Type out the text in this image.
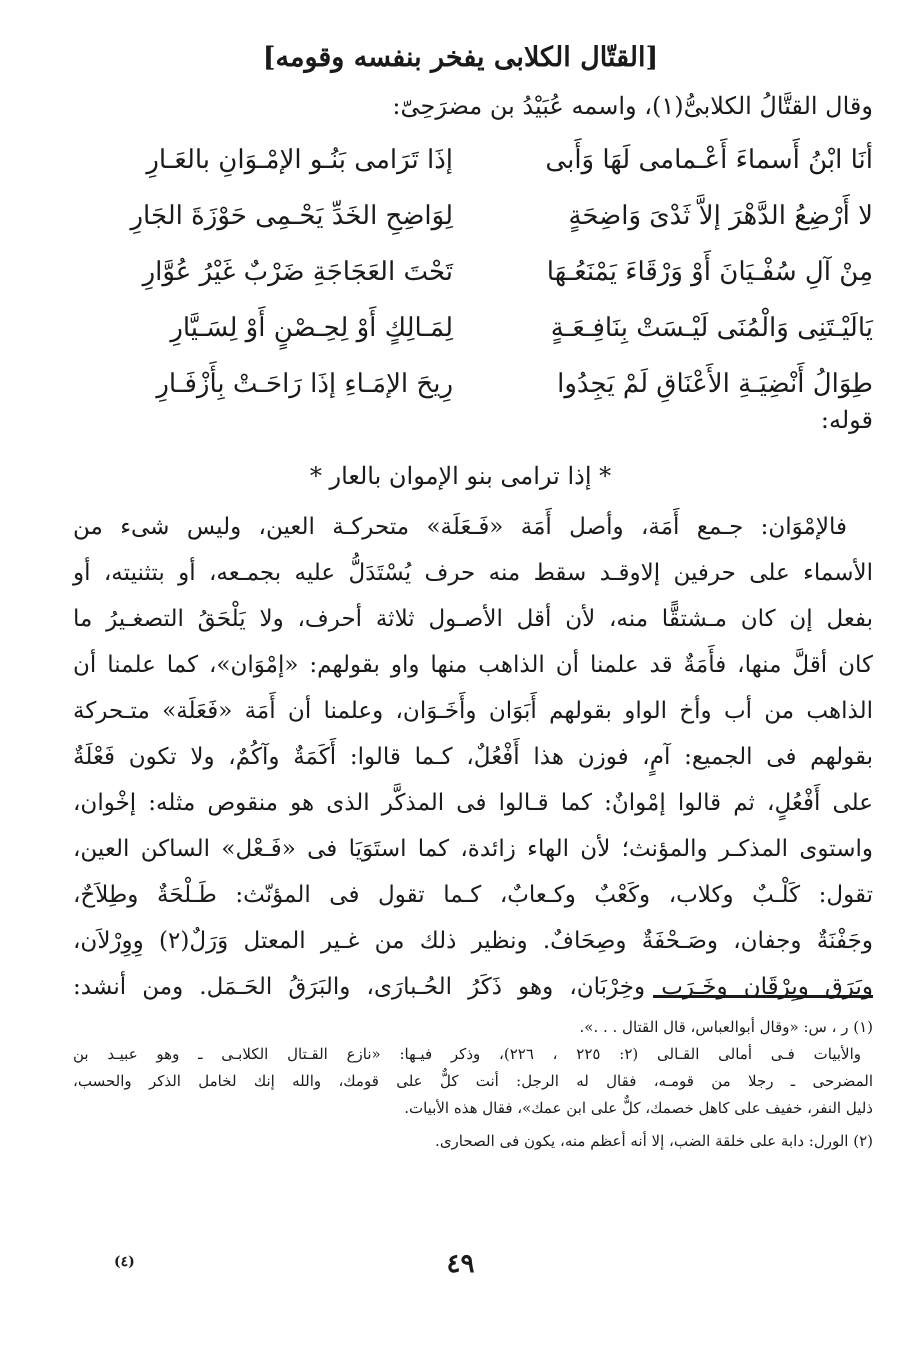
[القتّال الكلابى يفخر بنفسه وقومه]
وقال القتَّالُ الكلابىُّ(١)، واسمه عُبَيْدُ بن مضرَحِىّ:
أنَا ابْنُ أَسماءَ أَعْـمامى لَهَا وَأَبى
إذَا تَرَامى بَنُـو الإمْـوَانِ بالعَـارِ
لا أَرْضِعُ الدَّهْرَ إلاَّ ثَدْىَ وَاضِحَةٍ
لِوَاضِحِ الخَدِّ يَحْـمِى حَوْزَةَ الجَارِ
مِنْ آلِ سُفْـيَانَ أَوْ وَرْقَاءَ يَمْنَعُـهَا
تَحْتَ العَجَاجَةِ ضَرْبٌ غَيْرُ عُوَّارِ
يَالَيْـتَنِى وَالْمُنَى لَيْـسَتْ بِنَافِـعَـةٍ
لِمَـالِكٍ أَوْ لِحِـصْنٍ أَوْ لِسَـيَّارِ
طِوَالُ أَنْضِيَـةِ الأَعْنَاقِ لَمْ يَجِدُوا
رِيحَ الإمَـاءِ إذَا رَاحَـتْ بِأَزْفَـارِ
قوله:
* إذا ترامى بنو الإموان بالعار *
فالإمْوَان: جـمع أَمَة، وأصل أَمَة «فَـعَلَة» متحركـة العين، وليس شىء من
الأسماء على حرفين إلاوقـد سقط منه حرف يُسْتَدَلُّ عليه بجمـعه، أو بتثنيته، أو
بفعل إن كان مـشتقًّا منه، لأن أقل الأصـول ثلاثة أحرف، ولا يَلْحَقُ التصغـيرُ ما
كان أقلَّ منها، فأَمَةٌ قد علمنا أن الذاهب منها واو بقولهم: «إمْوَان»، كما علمنا أن
الذاهب من أب وأخ الواو بقولهم أَبَوَان وأَخَـوَان، وعلمنا أن أَمَة «فَعَلَة» متـحركة
بقولهم فى الجميع: آمٍ، فوزن هذا أَفْعُلٌ، كـما قالوا: أَكَمَةٌ وآكُمٌ، ولا تكون فَعْلَةٌ
على أَفْعُلٍ، ثم قالوا إمْوانٌ: كما قـالوا فى المذكَّر الذى هو منقوص مثله: إخْوان،
واستوى المذكـر والمؤنث؛ لأن الهاء زائدة، كما استَوَيَا فى «فَـعْل» الساكن العين،
تقول: كَلْـبٌ وكلاب، وكَعْبٌ وكـعابٌ، كـما تقول فى المؤنّث: طَـلْحَةٌ وطِلاَحٌ،
وجَفْنَةٌ وجفان، وصَـحْفَةٌ وصِحَافٌ. ونظير ذلك من غـير المعتل وَرَلٌ(٢) وِوِرْلاَن،
وبَرَق وبِرْقَان وخَـرَب وخِرْبَان، وهو ذَكَرُ الحُـبارَى، والبَرَقُ الحَـمَل. ومن أنشد:
(١) ر ، س: «وقال أبوالعباس، قال القتال . . .».
والأبيات فـى أمالى القـالى (٢: ٢٢٥ ، ٢٢٦)، وذكر فيـها: «نازع القـتال الكلابـى ـ وهو عبيـد بن
المضرحى ـ رجلا من قومـه، فقال له الرجل: أنت كلٌّ على قومك، والله إنك لخامل الذكر والحسب،
ذليل النفر، خفيف على كاهل خصمك، كلٌّ على ابن عمك»، فقال هذه الأبيات.
(٢) الورل: دابة على خلقة الضب، إلا أنه أعظم منه، يكون فى الصحارى.
٤٩
(٤)
